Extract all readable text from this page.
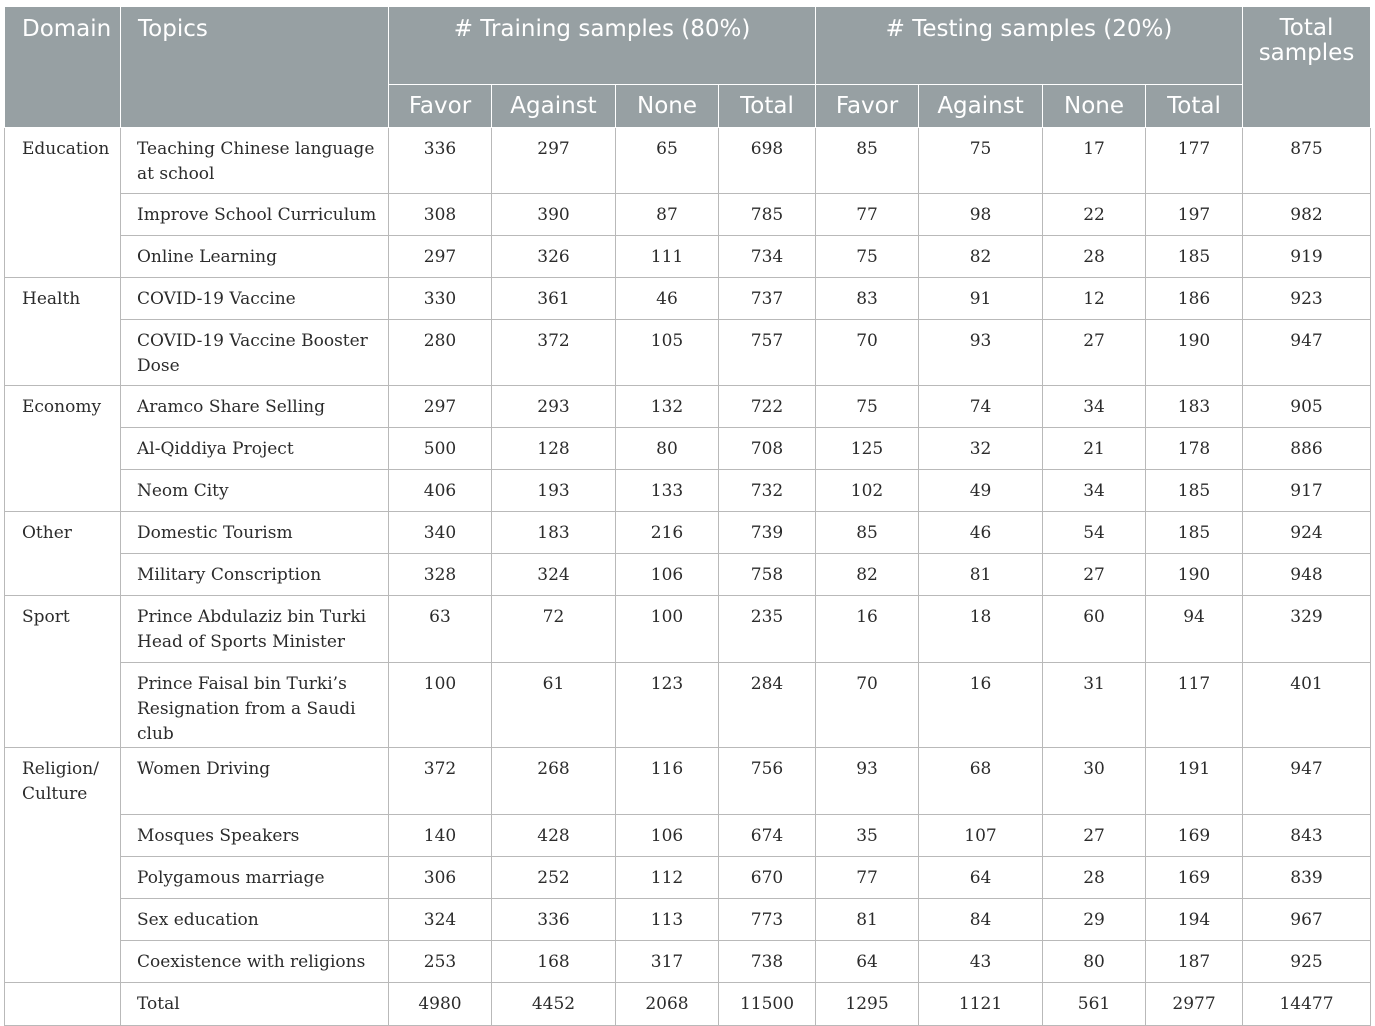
Domain	Topics	# Training samples (80%)				# Testing samples (20%)				Total samples
		Favor	Against	None	Total	Favor	Against	None	Total	
Education	Teaching Chinese language at school	336	297	65	698	85	75	17	177	875
	Improve School Curriculum	308	390	87	785	77	98	22	197	982
	Online Learning	297	326	111	734	75	82	28	185	919
Health	COVID-19 Vaccine	330	361	46	737	83	91	12	186	923
	COVID-19 Vaccine Booster Dose	280	372	105	757	70	93	27	190	947
Economy	Aramco Share Selling	297	293	132	722	75	74	34	183	905
	Al-Qiddiya Project	500	128	80	708	125	32	21	178	886
	Neom City	406	193	133	732	102	49	34	185	917
Other	Domestic Tourism	340	183	216	739	85	46	54	185	924
	Military Conscription	328	324	106	758	82	81	27	190	948
Sport	Prince Abdulaziz bin Turki Head of Sports Minister	63	72	100	235	16	18	60	94	329
	Prince Faisal bin Turki’s Resignation from a Saudi club	100	61	123	284	70	16	31	117	401
Religion/ Culture	Women Driving	372	268	116	756	93	68	30	191	947
	Mosques Speakers	140	428	106	674	35	107	27	169	843
	Polygamous marriage	306	252	112	670	77	64	28	169	839
	Sex education	324	336	113	773	81	84	29	194	967
	Coexistence with religions	253	168	317	738	64	43	80	187	925
	Total	4980	4452	2068	11500	1295	1121	561	2977	14477
